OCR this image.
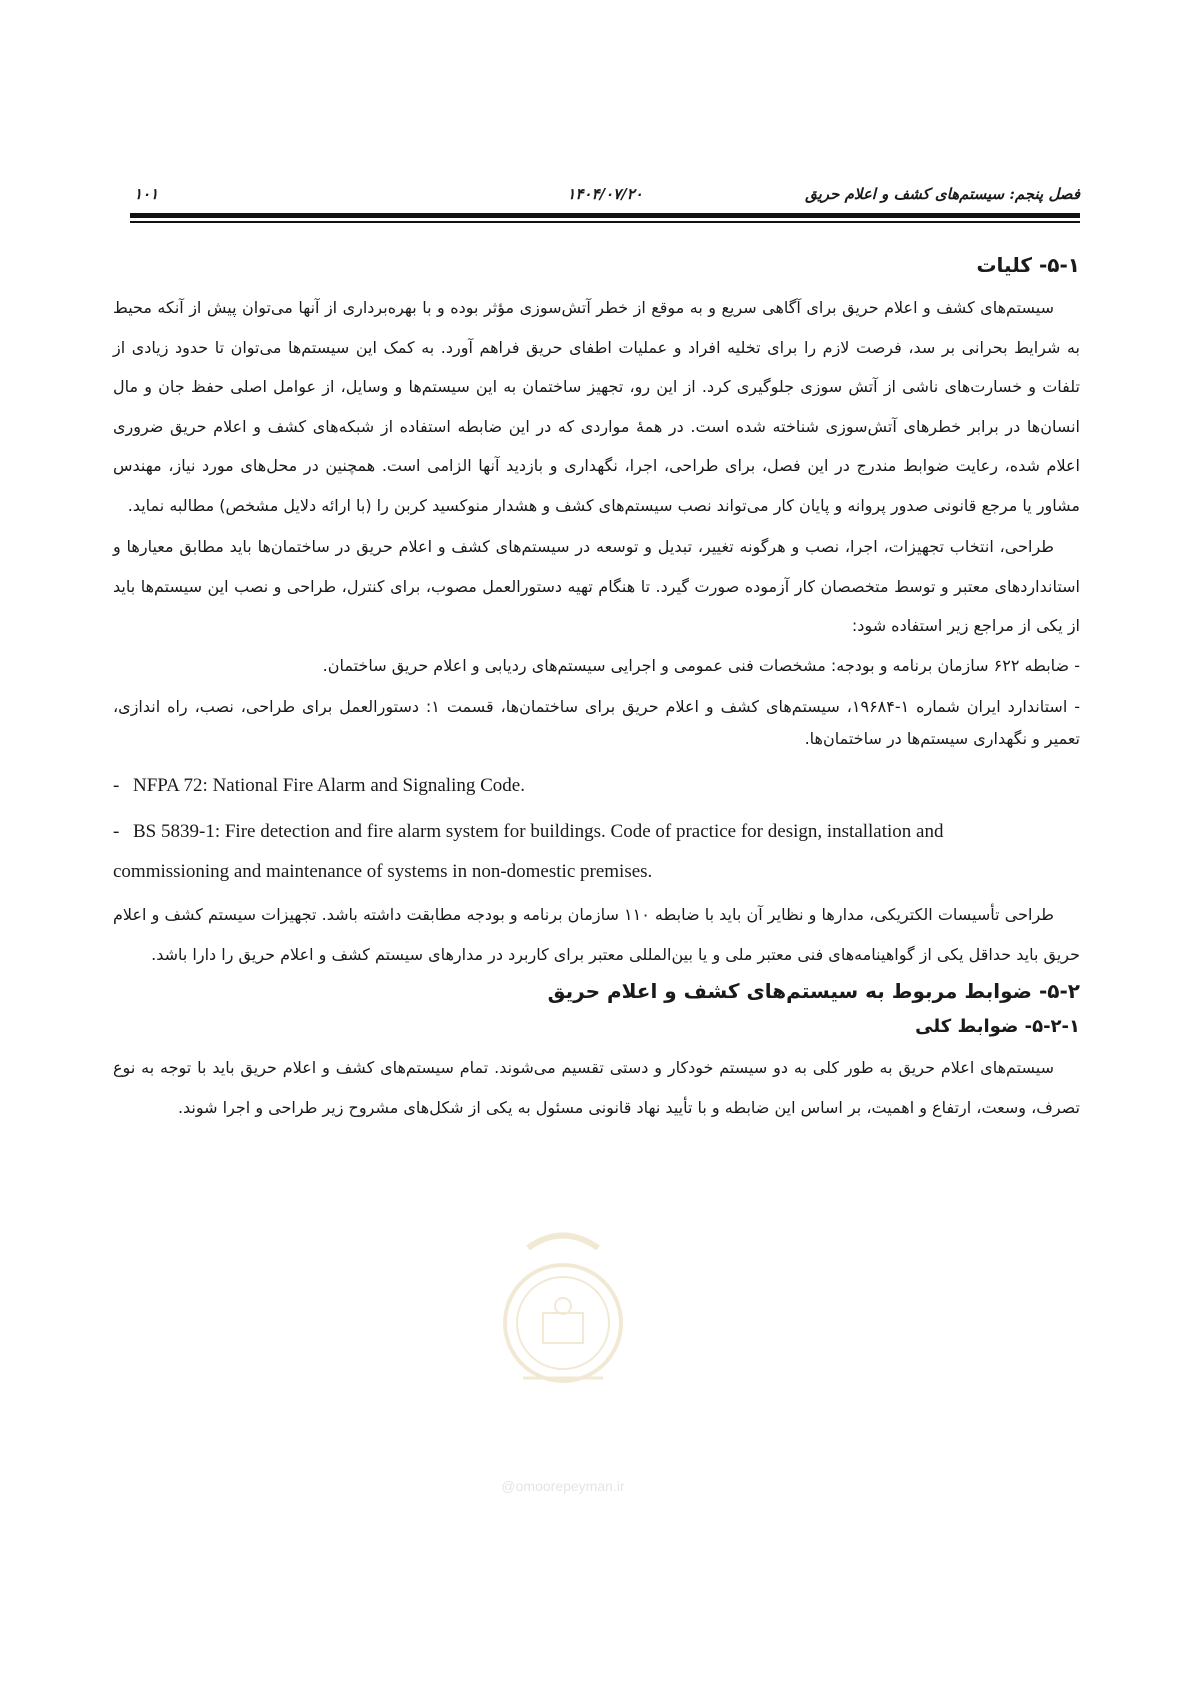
فصل پنجم: سیستم‌های کشف و اعلام حریق
۱۴۰۴/۰۷/۲۰
۱۰۱
۵-۱- کلیات

سیستم‌های کشف و اعلام حریق برای آگاهی سریع و به موقع از خطر آتش‌سوزی مؤثر بوده و با بهره‌برداری از آنها می‌توان پیش از آنکه محیط به شرایط بحرانی بر سد، فرصت لازم را برای تخلیه افراد و عملیات اطفای حریق فراهم آورد. به کمک این سیستم‌ها می‌توان تا حدود زیادی از تلفات و خسارت‌های ناشی از آتش سوزی جلوگیری کرد. از این رو، تجهیز ساختمان به این سیستم‌ها و وسایل، از عوامل اصلی حفظ جان و مال انسان‌ها در برابر خطرهای آتش‌سوزی شناخته شده است. در همهٔ مواردی که در این ضابطه استفاده از شبکه‌های کشف و اعلام حریق ضروری اعلام شده، رعایت ضوابط مندرج در این فصل، برای طراحی، اجرا، نگهداری و بازدید آنها الزامی است. همچنین در محل‌های مورد نیاز، مهندس مشاور یا مرجع قانونی صدور پروانه و پایان کار می‌تواند نصب سیستم‌های کشف و هشدار منوکسید کربن را (با ارائه دلایل مشخص) مطالبه نماید.

طراحی، انتخاب تجهیزات، اجرا، نصب و هرگونه تغییر، تبدیل و توسعه در سیستم‌های کشف و اعلام حریق در ساختمان‌ها باید مطابق معیارها و استانداردهای معتبر و توسط متخصصان کار آزموده صورت گیرد. تا هنگام تهیه دستورالعمل مصوب، برای کنترل، طراحی و نصب این سیستم‌ها باید از یکی از مراجع زیر استفاده شود:

- ضابطه ۶۲۲ سازمان برنامه و بودجه: مشخصات فنی عمومی و اجرایی سیستم‌های ردیابی و اعلام حریق ساختمان.

- استاندارد ایران شماره ۱-۱۹۶۸۴، سیستم‌های کشف و اعلام حریق برای ساختمان‌ها، قسمت ۱: دستورالعمل برای طراحی، نصب، راه اندازی، تعمیر و نگهداری سیستم‌ها در ساختمان‌ها.

- NFPA 72: National Fire Alarm and Signaling Code.

- BS 5839-1: Fire detection and fire alarm system for buildings. Code of practice for design, installation and

commissioning and maintenance of systems in non-domestic premises.

طراحی تأسیسات الکتریکی، مدارها و نظایر آن باید با ضابطه ۱۱۰ سازمان برنامه و بودجه مطابقت داشته باشد. تجهیزات سیستم کشف و اعلام حریق باید حداقل یکی از گواهینامه‌های فنی معتبر ملی و یا بین‌المللی معتبر برای کاربرد در مدارهای سیستم کشف و اعلام حریق را دارا باشد.

۵-۲- ضوابط مربوط به سیستم‌های کشف و اعلام حریق
۵-۲-۱- ضوابط کلی

سیستم‌های اعلام حریق به طور کلی به دو سیستم خودکار و دستی تقسیم می‌شوند. تمام سیستم‌های کشف و اعلام حریق باید با توجه به نوع تصرف، وسعت، ارتفاع و اهمیت، بر اساس این ضابطه و با تأیید نهاد قانونی مسئول به یکی از شکل‌های مشروح زیر طراحی و اجرا شوند.

@omoorepeyman.ir
